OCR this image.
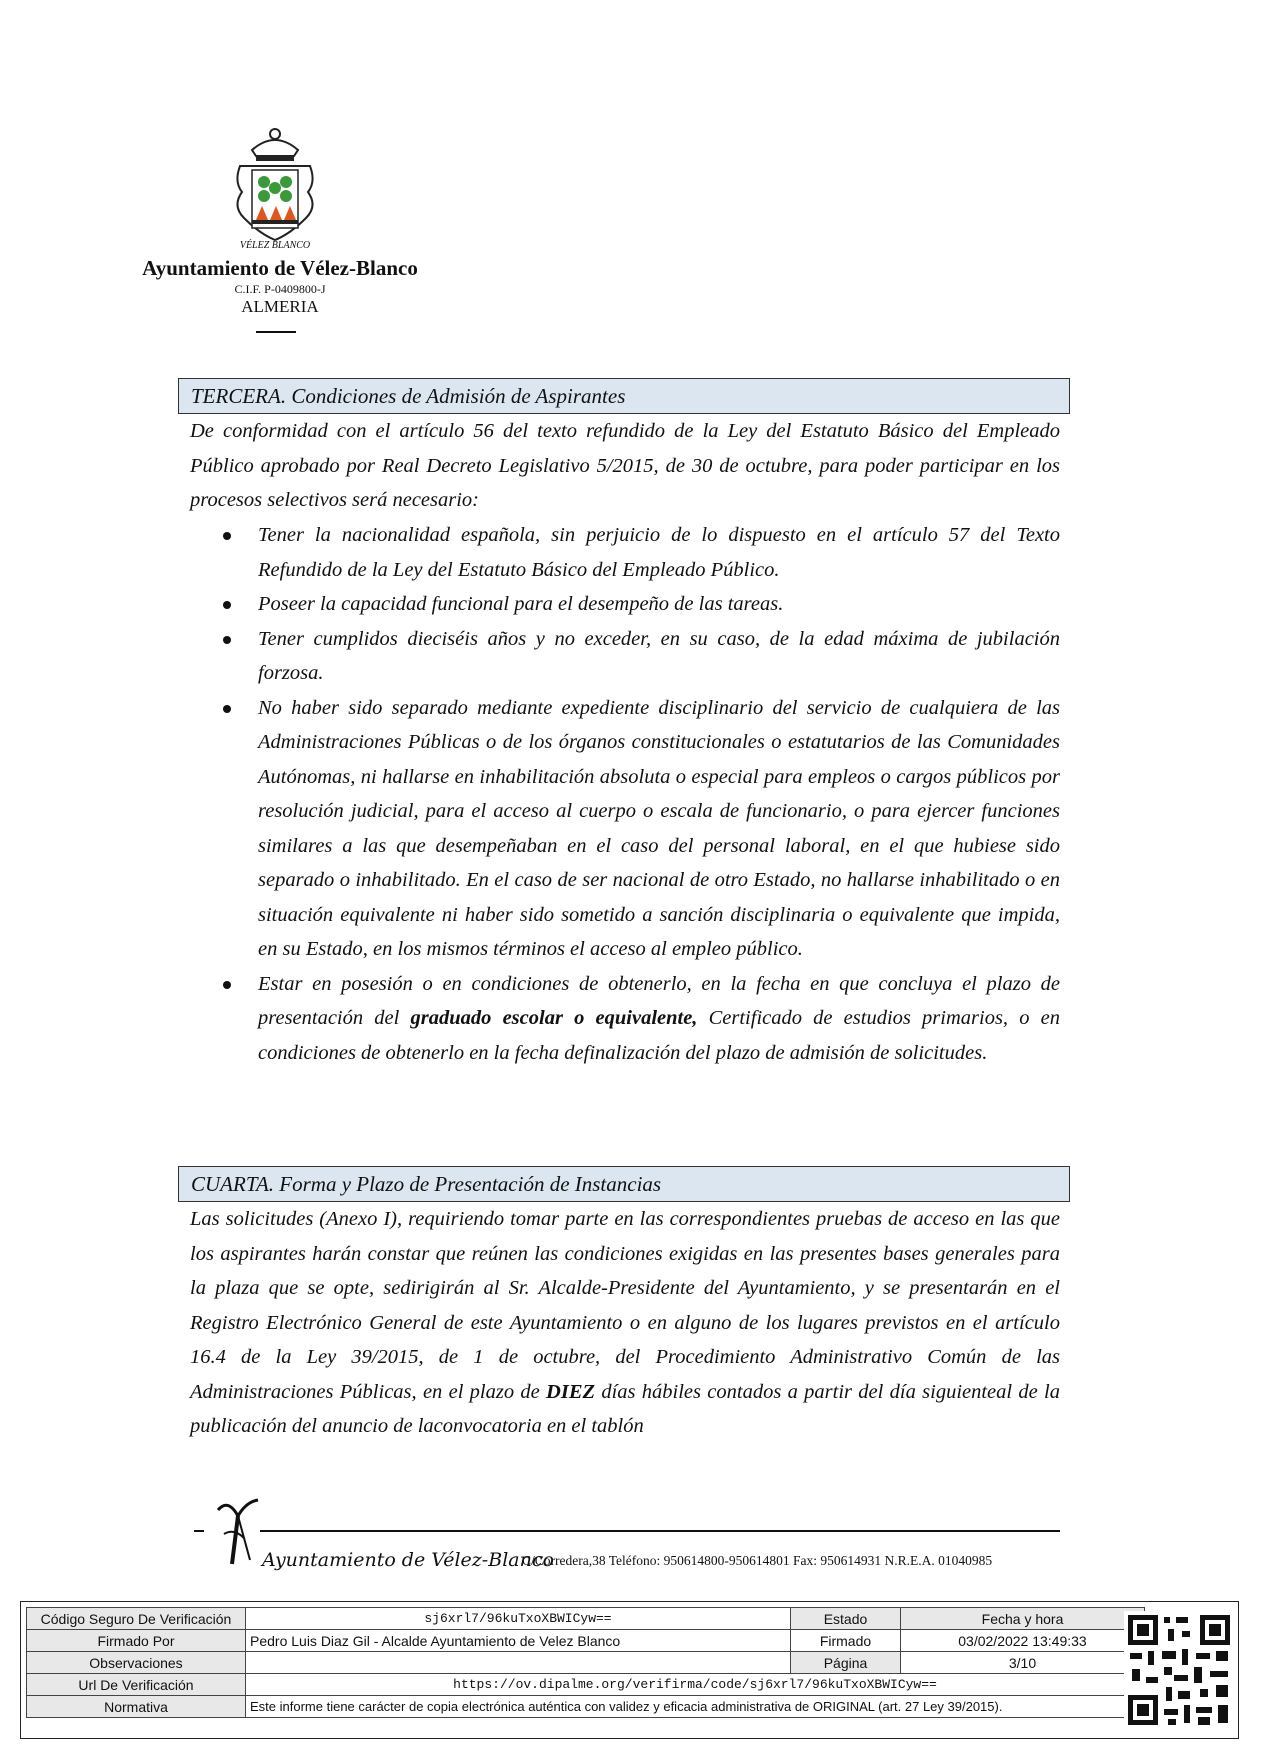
VÉLEZ BLANCO
Ayuntamiento de Vélez-Blanco
C.I.F. P-0409800-J
ALMERIA
TERCERA. Condiciones de Admisión de Aspirantes
De conformidad con el artículo 56 del texto refundido de la Ley del Estatuto Básico del Empleado Público aprobado por Real Decreto Legislativo 5/2015, de 30 de octubre, para poder participar en los procesos selectivos será necesario:
Tener la nacionalidad española, sin perjuicio de lo dispuesto en el artículo 57 del Texto Refundido de la Ley del Estatuto Básico del Empleado Público.
Poseer la capacidad funcional para el desempeño de las tareas.
Tener cumplidos dieciséis años y no exceder, en su caso, de la edad máxima de jubilación forzosa.
No haber sido separado mediante expediente disciplinario del servicio de cualquiera de las Administraciones Públicas o de los órganos constitucionales o estatutarios de las Comunidades Autónomas, ni hallarse en inhabilitación absoluta o especial para empleos o cargos públicos por resolución judicial, para el acceso al cuerpo o escala de funcionario, o para ejercer funciones similares a las que desempeñaban en el caso del personal laboral, en el que hubiese sido separado o inhabilitado. En el caso de ser nacional de otro Estado, no hallarse inhabilitado o en situación equivalente ni haber sido sometido a sanción disciplinaria o equivalente que impida, en su Estado, en los mismos términos el acceso al empleo público.
Estar en posesión o en condiciones de obtenerlo, en la fecha en que concluya el plazo de presentación del graduado escolar o equivalente, Certificado de estudios primarios, o en condiciones de obtenerlo en la fecha definalización del plazo de admisión de solicitudes.
CUARTA. Forma y Plazo de Presentación de Instancias
Las solicitudes (Anexo I), requiriendo tomar parte en las correspondientes pruebas de acceso en las que los aspirantes harán constar que reúnen las condiciones exigidas en las presentes bases generales para la plaza que se opte, sedirigirán al Sr. Alcalde-Presidente del Ayuntamiento, y se presentarán en el Registro Electrónico General de este Ayuntamiento o en alguno de los lugares previstos en el artículo 16.4 de la Ley 39/2015, de 1 de octubre, del Procedimiento Administrativo Común de las Administraciones Públicas, en el plazo de DIEZ días hábiles contados a partir del día siguienteal de la publicación del anuncio de laconvocatoria en el tablón
Ayuntamiento de Vélez-Blanco
C/Corredera,38 Teléfono: 950614800-950614801 Fax: 950614931 N.R.E.A. 01040985
Código Seguro De Verificación	sj6xrl7/96kuTxoXBWICyw==	Estado	Fecha y hora
Firmado Por	Pedro Luis Diaz Gil - Alcalde Ayuntamiento de Velez Blanco	Firmado	03/02/2022 13:49:33
Observaciones		Página	3/10
Url De Verificación	https://ov.dipalme.org/verifirma/code/sj6xrl7/96kuTxoXBWICyw==		
Normativa	Este informe tiene carácter de copia electrónica auténtica con validez y eficacia administrativa de ORIGINAL (art. 27 Ley 39/2015).		
